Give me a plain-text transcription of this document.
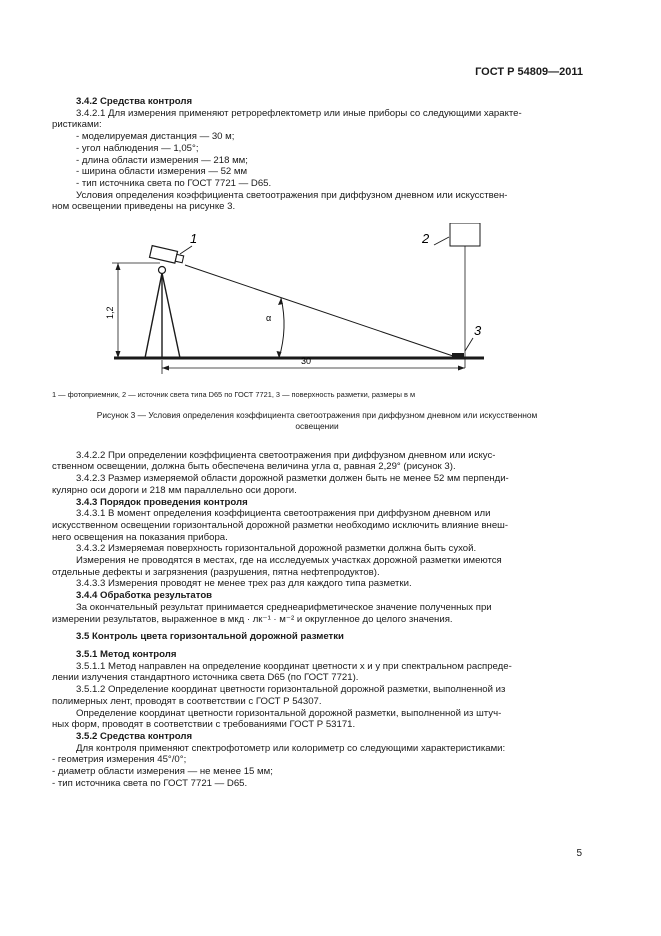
ГОСТ Р 54809—2011

3.4.2 Средства контроля

3.4.2.1 Для измерения применяют ретрорефлектометр или иные приборы со следующими характе-

ристиками:

- моделируемая дистанция — 30 м;
- угол наблюдения — 1,05°;
- длина области измерения — 218 мм;
- ширина области измерения — 52 мм
- тип источника света по ГОСТ 7721 — D65.

Условия определения коэффициента светоотражения при диффузном дневном или искусствен-

ном освещении приведены на рисунке 3.

1,2	α
1	2
3
30

1 — фотоприемник, 2 — источник света типа D65 по ГОСТ 7721, 3 — поверхность разметки, размеры в м

Рисунок 3 — Условия определения коэффициента светоотражения при диффузном дневном или искусственном
освещении

3.4.2.2 При определении коэффициента светоотражения при диффузном дневном или искус-

ственном освещении, должна быть обеспечена величина угла α, равная 2,29° (рисунок 3).

3.4.2.3 Размер измеряемой области дорожной разметки должен быть не менее 52 мм перпенди-

кулярно оси дороги и 218 мм параллельно оси дороги.

3.4.3 Порядок проведения контроля

3.4.3.1 В момент определения коэффициента светоотражения при диффузном дневном или

искусственном освещении горизонтальной дорожной разметки необходимо исключить влияние внеш-

него освещения на показания прибора.

3.4.3.2 Измеряемая поверхность горизонтальной дорожной разметки должна быть сухой.

Измерения не проводятся в местах, где на исследуемых участках дорожной разметки имеются

отдельные дефекты и загрязнения (разрушения, пятна нефтепродуктов).

3.4.3.3 Измерения проводят не менее трех раз для каждого типа разметки.

3.4.4 Обработка результатов

За окончательный результат принимается среднеарифметическое значение полученных при

измерении результатов, выраженное в мкд · лк⁻¹ · м⁻² и округленное до целого значения.

3.5 Контроль цвета горизонтальной дорожной разметки

3.5.1 Метод контроля

3.5.1.1 Метод направлен на определение координат цветности x и y при спектральном распреде-

лении излучения стандартного источника света D65 (по ГОСТ 7721).

3.5.1.2 Определение координат цветности горизонтальной дорожной разметки, выполненной из

полимерных лент, проводят в соответствии с ГОСТ Р 54307.

Определение координат цветности горизонтальной дорожной разметки, выполненной из штуч-

ных форм, проводят в соответствии с требованиями ГОСТ Р 53171.

3.5.2 Средства контроля

Для контроля применяют спектрофотометр или колориметр со следующими характеристиками:

- геометрия измерения 45°/0°;
- диаметр области измерения — не менее 15 мм;
- тип источника света по ГОСТ 7721 — D65.
5
